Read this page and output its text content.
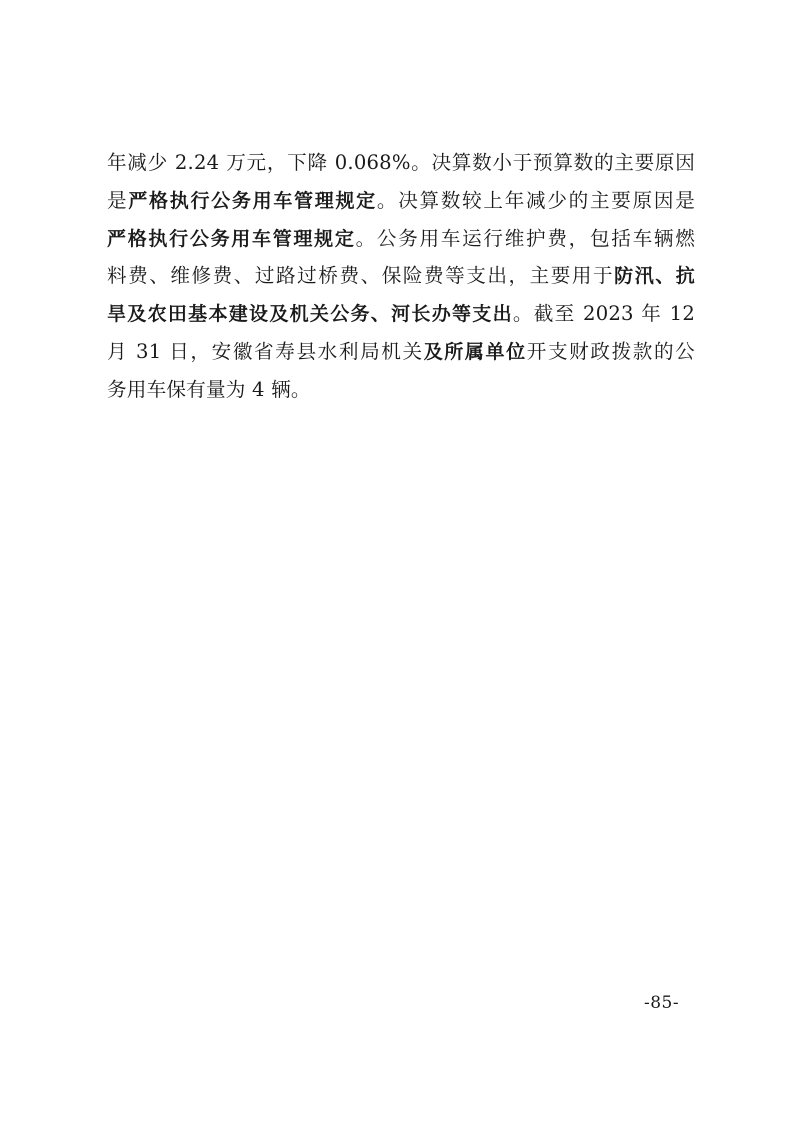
年减少 2.24 万元，下降 0.068%。决算数小于预算数的主要原因
是严格执行公务用车管理规定。决算数较上年减少的主要原因是
严格执行公务用车管理规定。公务用车运行维护费，包括车辆燃
料费、维修费、过路过桥费、保险费等支出，主要用于防汛、抗
旱及农田基本建设及机关公务、河长办等支出。截至 2023 年 12
月 31 日，安徽省寿县水利局机关及所属单位开支财政拨款的公
务用车保有量为 4 辆。
-85-
